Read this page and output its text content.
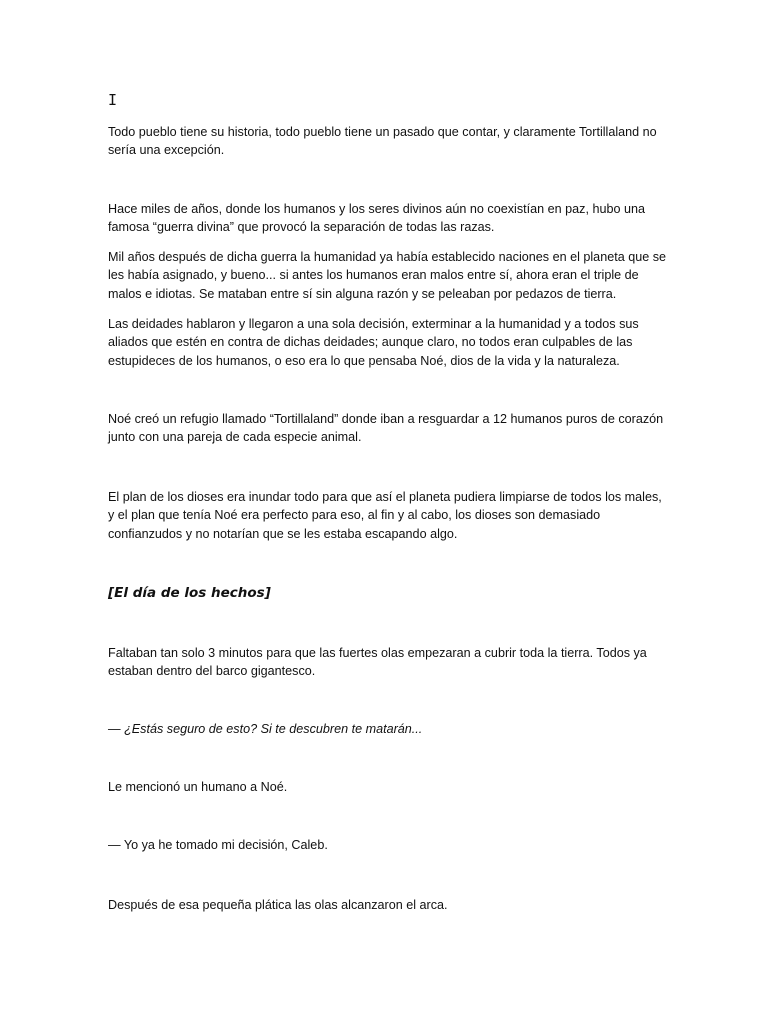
I

Todo pueblo tiene su historia, todo pueblo tiene un pasado que contar, y claramente Tortillaland no sería una excepción.

Hace miles de años, donde los humanos y los seres divinos aún no coexistían en paz, hubo una famosa “guerra divina” que provocó la separación de todas las razas.

Mil años después de dicha guerra la humanidad ya había establecido naciones en el planeta que se les había asignado, y bueno... si antes los humanos eran malos entre sí, ahora eran el triple de malos e idiotas. Se mataban entre sí sin alguna razón y se peleaban por pedazos de tierra.

Las deidades hablaron y llegaron a una sola decisión, exterminar a la humanidad y a todos sus aliados que estén en contra de dichas deidades; aunque claro, no todos eran culpables de las estupideces de los humanos, o eso era lo que pensaba Noé, dios de la vida y la naturaleza.

Noé creó un refugio llamado “Tortillaland” donde iban a resguardar a 12 humanos puros de corazón junto con una pareja de cada especie animal.

El plan de los dioses era inundar todo para que así el planeta pudiera limpiarse de todos los males, y el plan que tenía Noé era perfecto para eso, al fin y al cabo, los dioses son demasiado confianzudos y no notarían que se les estaba escapando algo.

[El día de los hechos]

Faltaban tan solo 3 minutos para que las fuertes olas empezaran a cubrir toda la tierra. Todos ya estaban dentro del barco gigantesco.

— ¿Estás seguro de esto? Si te descubren te matarán...

Le mencionó un humano a Noé.

— Yo ya he tomado mi decisión, Caleb.

Después de esa pequeña plática las olas alcanzaron el arca.
